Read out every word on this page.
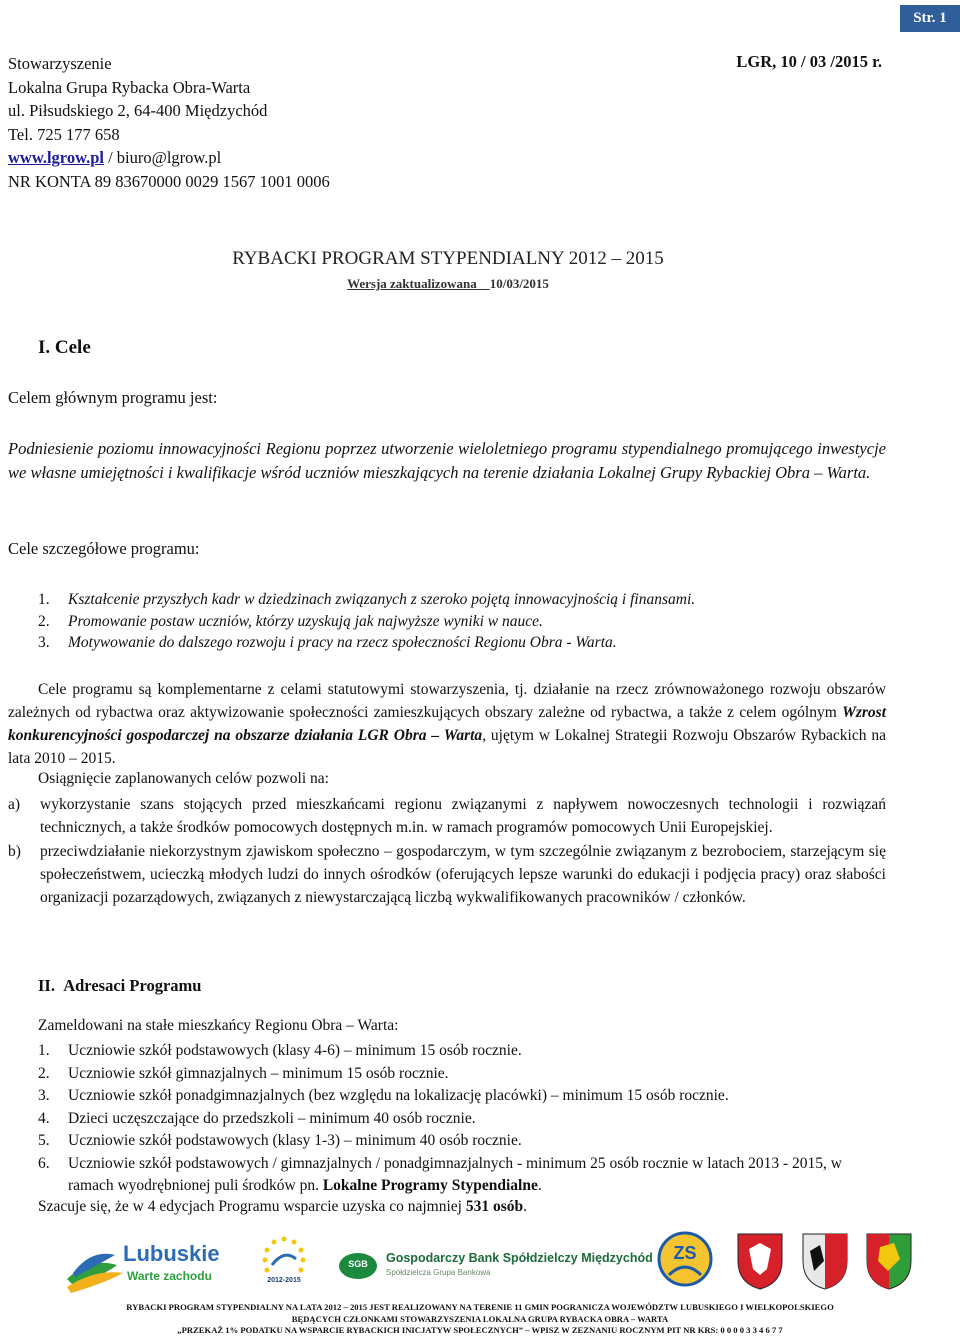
Str. 1
Stowarzyszenie
Lokalna Grupa Rybacka Obra-Warta
ul. Piłsudskiego 2, 64-400 Międzychód
Tel. 725 177 658
www.lgrow.pl / biuro@lgrow.pl
NR KONTA 89 83670000 0029 1567 1001 0006
LGR, 10 / 03 /2015 r.
RYBACKI PROGRAM STYPENDIALNY 2012 – 2015
Wersja zaktualizowana _ 10/03/2015
I. Cele
Celem głównym programu jest:

Podniesienie poziomu innowacyjności Regionu poprzez utworzenie wieloletniego programu stypendialnego promującego inwestycje we własne umiejętności i kwalifikacje wśród uczniów mieszkających na terenie działania Lokalnej Grupy Rybackiej Obra – Warta.

Cele szczegółowe programu:
1. Kształcenie przyszłych kadr w dziedzinach związanych z szeroko pojętą innowacyjnością i finansami.
2. Promowanie postaw uczniów, którzy uzyskują jak najwyższe wyniki w nauce.
3. Motywowanie do dalszego rozwoju i pracy na rzecz społeczności Regionu Obra - Warta.

Cele programu są komplementarne z celami statutowymi stowarzyszenia, tj. działanie na rzecz zrównoważonego rozwoju obszarów zależnych od rybactwa oraz aktywizowanie społeczności zamieszkujących obszary zależne od rybactwa, a także z celem ogólnym Wzrost konkurencyjności gospodarczej na obszarze działania LGR Obra – Warta, ujętym w Lokalnej Strategii Rozwoju Obszarów Rybackich na lata 2010 – 2015.

Osiągnięcie zaplanowanych celów pozwoli na:
a) wykorzystanie szans stojących przed mieszkańcami regionu związanymi z napływem nowoczesnych technologii i rozwiązań technicznych, a także środków pomocowych dostępnych m.in. w ramach programów pomocowych Unii Europejskiej.
b) przeciwdziałanie niekorzystnym zjawiskom społeczno – gospodarczym, w tym szczególnie związanym z bezrobociem, starzejącym się społeczeństwem, ucieczką młodych ludzi do innych ośrodków (oferujących lepsze warunki do edukacji i podjęcia pracy) oraz słabości organizacji pozarządowych, związanych z niewystarczającą liczbą wykwalifikowanych pracowników / członków.
II. Adresaci Programu
Zameldowani na stałe mieszkańcy Regionu Obra – Warta:
1. Uczniowie szkół podstawowych (klasy 4-6) – minimum 15 osób rocznie.
2. Uczniowie szkół gimnazjalnych – minimum 15 osób rocznie.
3. Uczniowie szkół ponadgimnazjalnych (bez względu na lokalizację placówki) – minimum 15 osób rocznie.
4. Dzieci uczęszczające do przedszkoli – minimum 40 osób rocznie.
5. Uczniowie szkół podstawowych (klasy 1-3) – minimum 40 osób rocznie.
6. Uczniowie szkół podstawowych / gimnazjalnych / ponadgimnazjalnych - minimum 25 osób rocznie w latach 2013 - 2015, w ramach wyodrębnionej puli środków pn. Lokalne Programy Stypendialne.
Szacuje się, że w 4 edycjach Programu wsparcie uzyska co najmniej 531 osób.
Lubuskie
Warte zachodu	2012-2015
SGB	Gospodarczy Bank Spółdzielczy Międzychód
Spółdzielcza Grupa Bankowa
ZS
RYBACKI PROGRAM STYPENDIALNY NA LATA 2012 – 2015 JEST REALIZOWANY NA TERENIE 11 GMIN POGRANICZA WOJEWÓDZTW LUBUSKIEGO I WIELKOPOLSKIEGO
BĘDĄCYCH CZŁONKAMI STOWARZYSZENIA LOKALNA GRUPA RYBACKA OBRA – WARTA
„PRZEKAŻ 1% PODATKU NA WSPARCIE RYBACKICH INICJATYW SPOŁECZNYCH” – WPISZ W ZEZNANIU ROCZNYM PIT NR KRS: 0 0 0 0 3 3 4 6 7 7
